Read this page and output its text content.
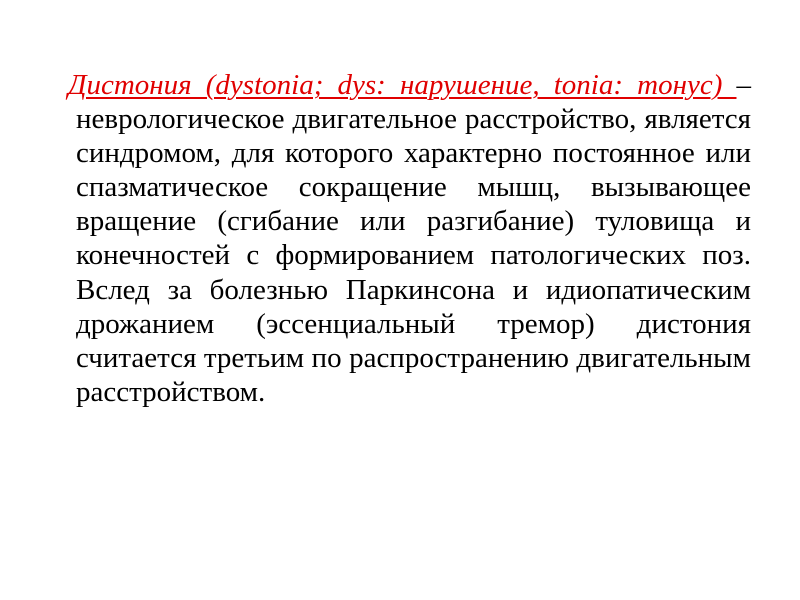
Дистония (dystonia; dys: нарушение, tonia: тонус) – неврологическое двигательное расстройство, является синдромом, для которого характерно постоянное или спазматическое сокращение мышц, вызывающее вращение (сгибание или разгибание) туловища и конечностей с формированием патологических поз. Вслед за болезнью Паркинсона и идиопатическим дрожанием (эссенциальный тремор) дистония считается третьим по распространению двигательным расстройством.
